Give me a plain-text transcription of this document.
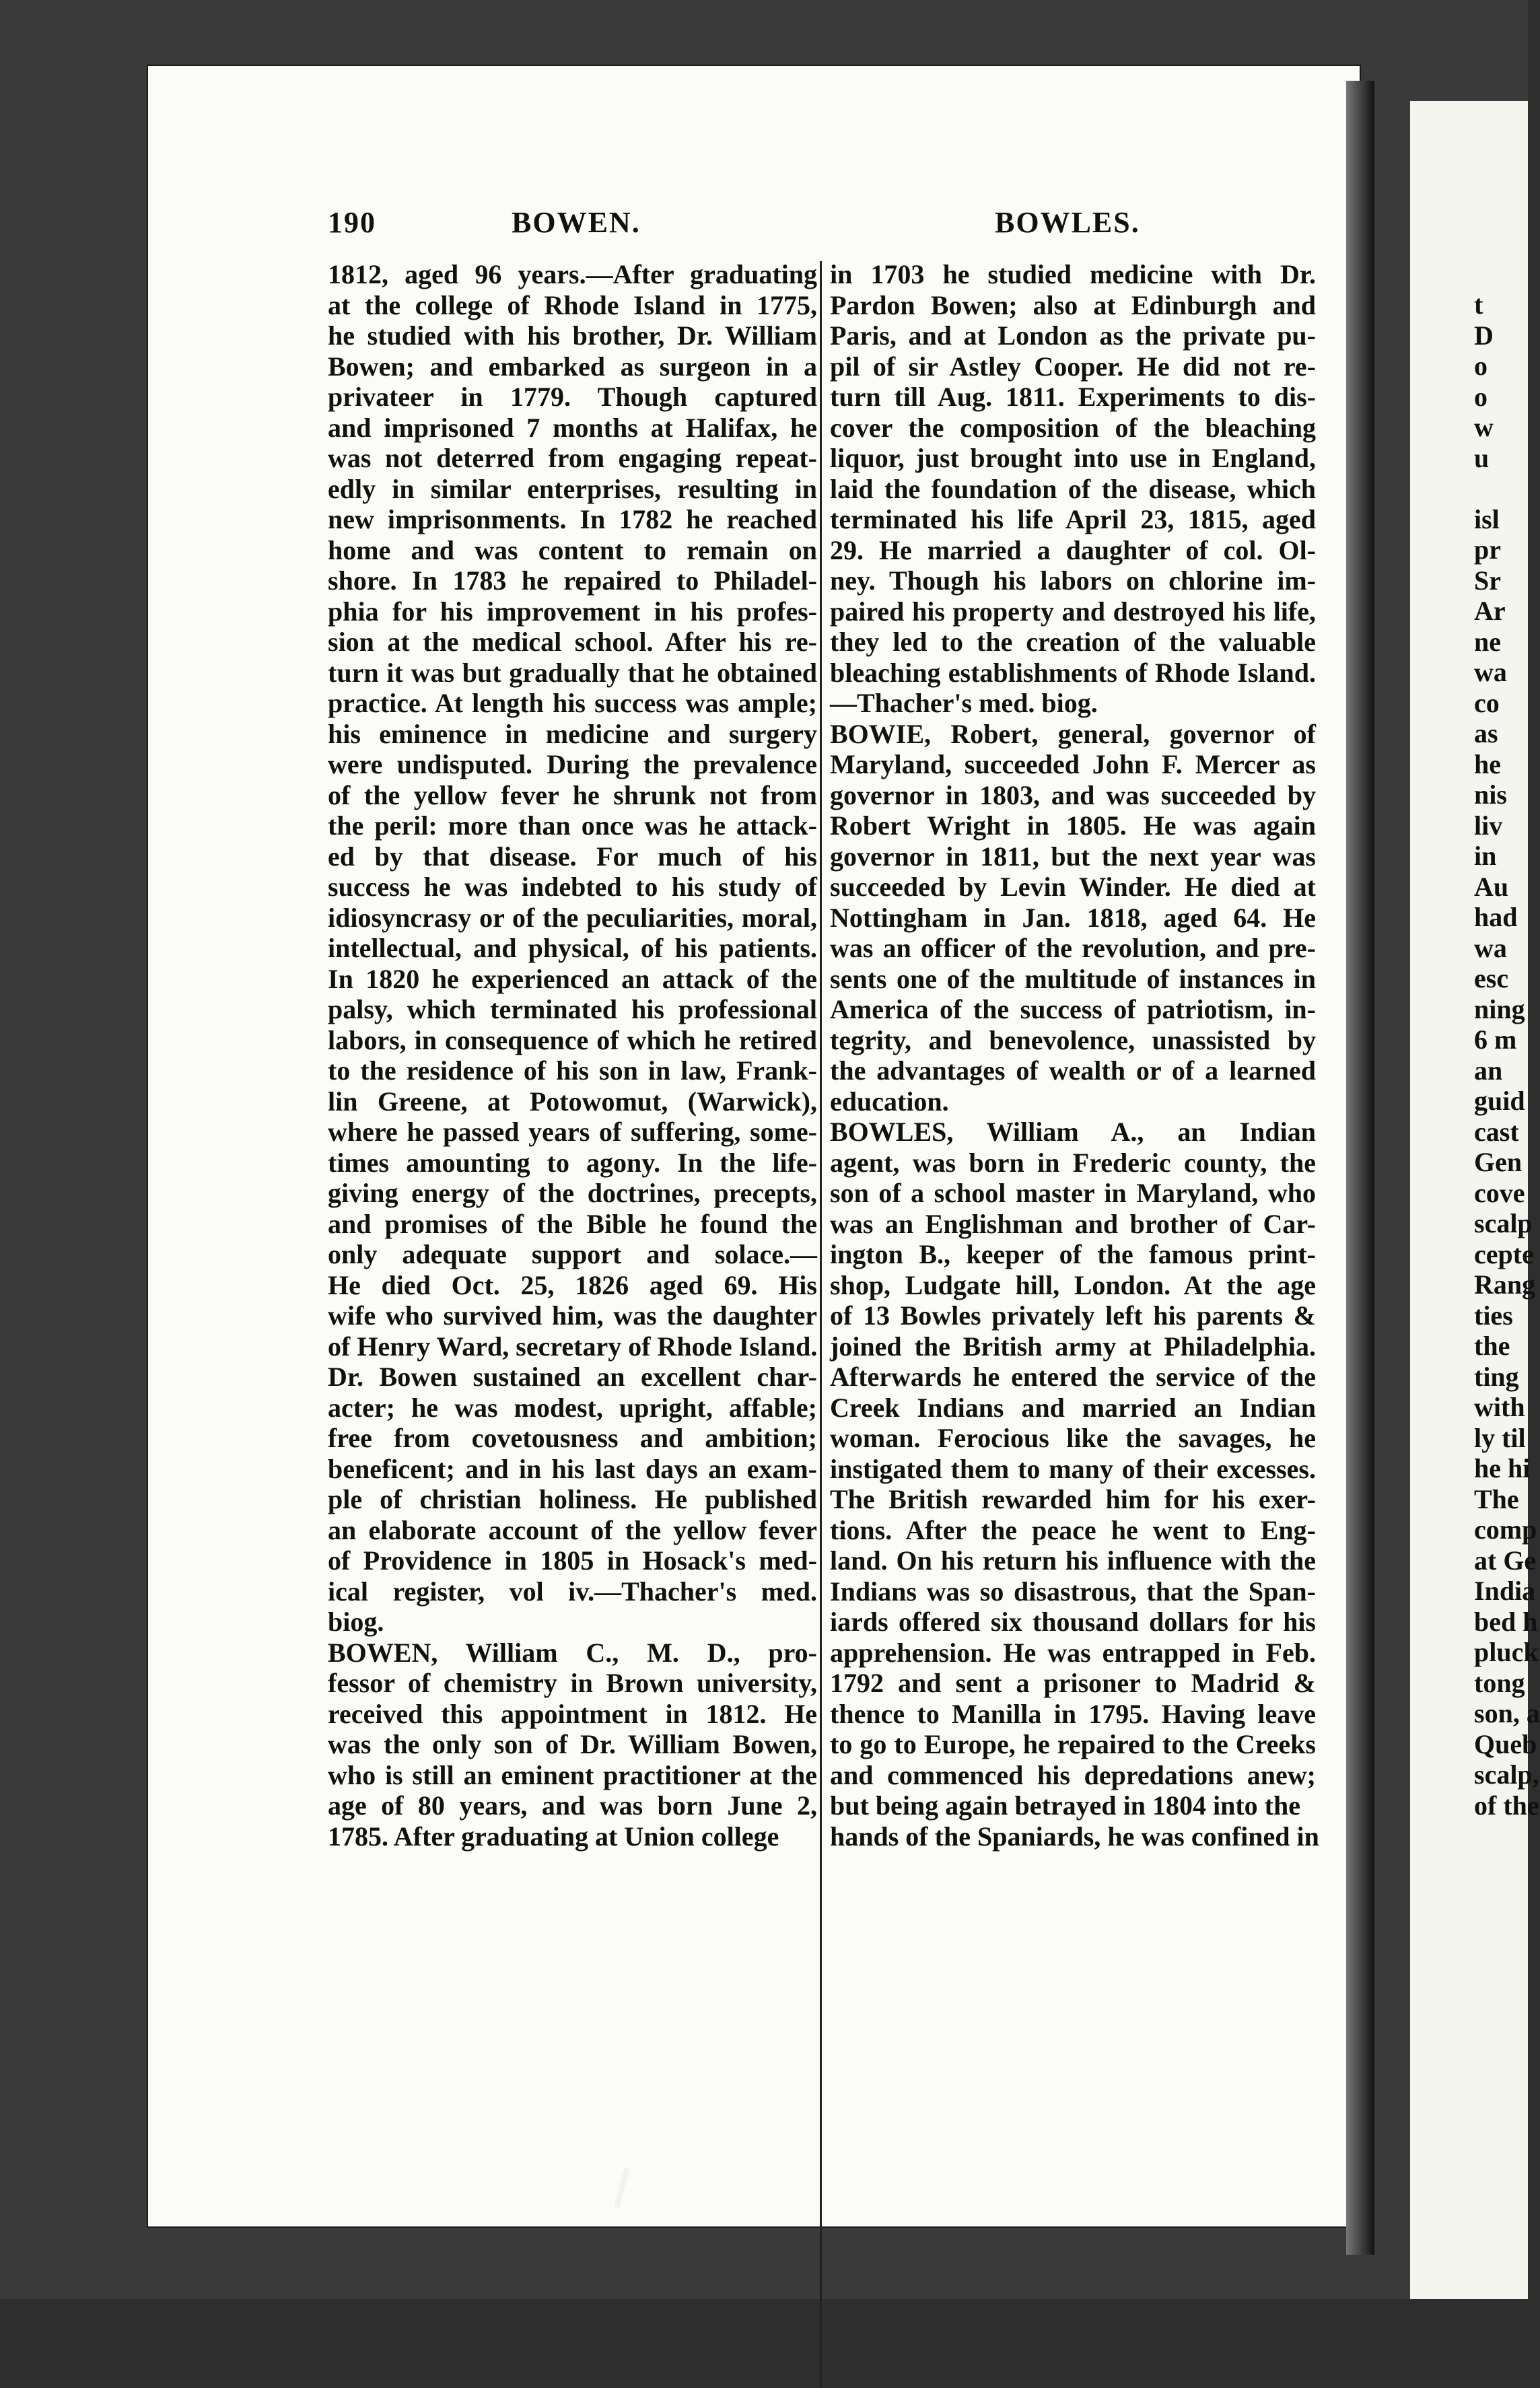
190	BOWEN.	BOWLES.
1812, aged 96 years.—After graduating
at the college of Rhode Island in 1775,
he studied with his brother, Dr. William
Bowen; and embarked as surgeon in a
privateer in 1779. Though captured
and imprisoned 7 months at Halifax, he
was not deterred from engaging repeat-
edly in similar enterprises, resulting in
new imprisonments. In 1782 he reached
home and was content to remain on
shore. In 1783 he repaired to Philadel-
phia for his improvement in his profes-
sion at the medical school. After his re-
turn it was but gradually that he obtained
practice. At length his success was ample;
his eminence in medicine and surgery
were undisputed. During the prevalence
of the yellow fever he shrunk not from
the peril: more than once was he attack-
ed by that disease. For much of his
success he was indebted to his study of
idiosyncrasy or of the peculiarities, moral,
intellectual, and physical, of his patients.
In 1820 he experienced an attack of the
palsy, which terminated his professional
labors, in consequence of which he retired
to the residence of his son in law, Frank-
lin Greene, at Potowomut, (Warwick),
where he passed years of suffering, some-
times amounting to agony. In the life-
giving energy of the doctrines, precepts,
and promises of the Bible he found the
only adequate support and solace.—
He died Oct. 25, 1826 aged 69. His
wife who survived him, was the daughter
of Henry Ward, secretary of Rhode Island.
Dr. Bowen sustained an excellent char-
acter; he was modest, upright, affable;
free from covetousness and ambition;
beneficent; and in his last days an exam-
ple of christian holiness. He published
an elaborate account of the yellow fever
of Providence in 1805 in Hosack's med-
ical register, vol iv.—Thacher's med.
biog.
BOWEN, William C., M. D., pro-
fessor of chemistry in Brown university,
received this appointment in 1812. He
was the only son of Dr. William Bowen,
who is still an eminent practitioner at the
age of 80 years, and was born June 2,
1785. After graduating at Union college
in 1703 he studied medicine with Dr.
Pardon Bowen; also at Edinburgh and
Paris, and at London as the private pu-
pil of sir Astley Cooper. He did not re-
turn till Aug. 1811. Experiments to dis-
cover the composition of the bleaching
liquor, just brought into use in England,
laid the foundation of the disease, which
terminated his life April 23, 1815, aged
29. He married a daughter of col. Ol-
ney. Though his labors on chlorine im-
paired his property and destroyed his life,
they led to the creation of the valuable
bleaching establishments of Rhode Island.
—Thacher's med. biog.
BOWIE, Robert, general, governor of
Maryland, succeeded John F. Mercer as
governor in 1803, and was succeeded by
Robert Wright in 1805. He was again
governor in 1811, but the next year was
succeeded by Levin Winder. He died at
Nottingham in Jan. 1818, aged 64. He
was an officer of the revolution, and pre-
sents one of the multitude of instances in
America of the success of patriotism, in-
tegrity, and benevolence, unassisted by
the advantages of wealth or of a learned
education.
BOWLES, William A., an Indian
agent, was born in Frederic county, the
son of a school master in Maryland, who
was an Englishman and brother of Car-
ington B., keeper of the famous print-
shop, Ludgate hill, London. At the age
of 13 Bowles privately left his parents &
joined the British army at Philadelphia.
Afterwards he entered the service of the
Creek Indians and married an Indian
woman. Ferocious like the savages, he
instigated them to many of their excesses.
The British rewarded him for his exer-
tions. After the peace he went to Eng-
land. On his return his influence with the
Indians was so disastrous, that the Span-
iards offered six thousand dollars for his
apprehension. He was entrapped in Feb.
1792 and sent a prisoner to Madrid &
thence to Manilla in 1795. Having leave
to go to Europe, he repaired to the Creeks
and commenced his depredations anew;
but being again betrayed in 1804 into the
hands of the Spaniards, he was confined in
t
D
o
o
w
u

isl
pr
Sr
Ar
ne
wa
co
as
he
nis
liv
in
Au
had
wa
esc
ning
6 m
an
guid
cast
Gen
cove
scalp
cepte
Rang
ties
the
ting
with
ly til
he hi
The
comp
at Ge
India
bed h
pluck
tong
son, a
Queb
scalp,
of the
